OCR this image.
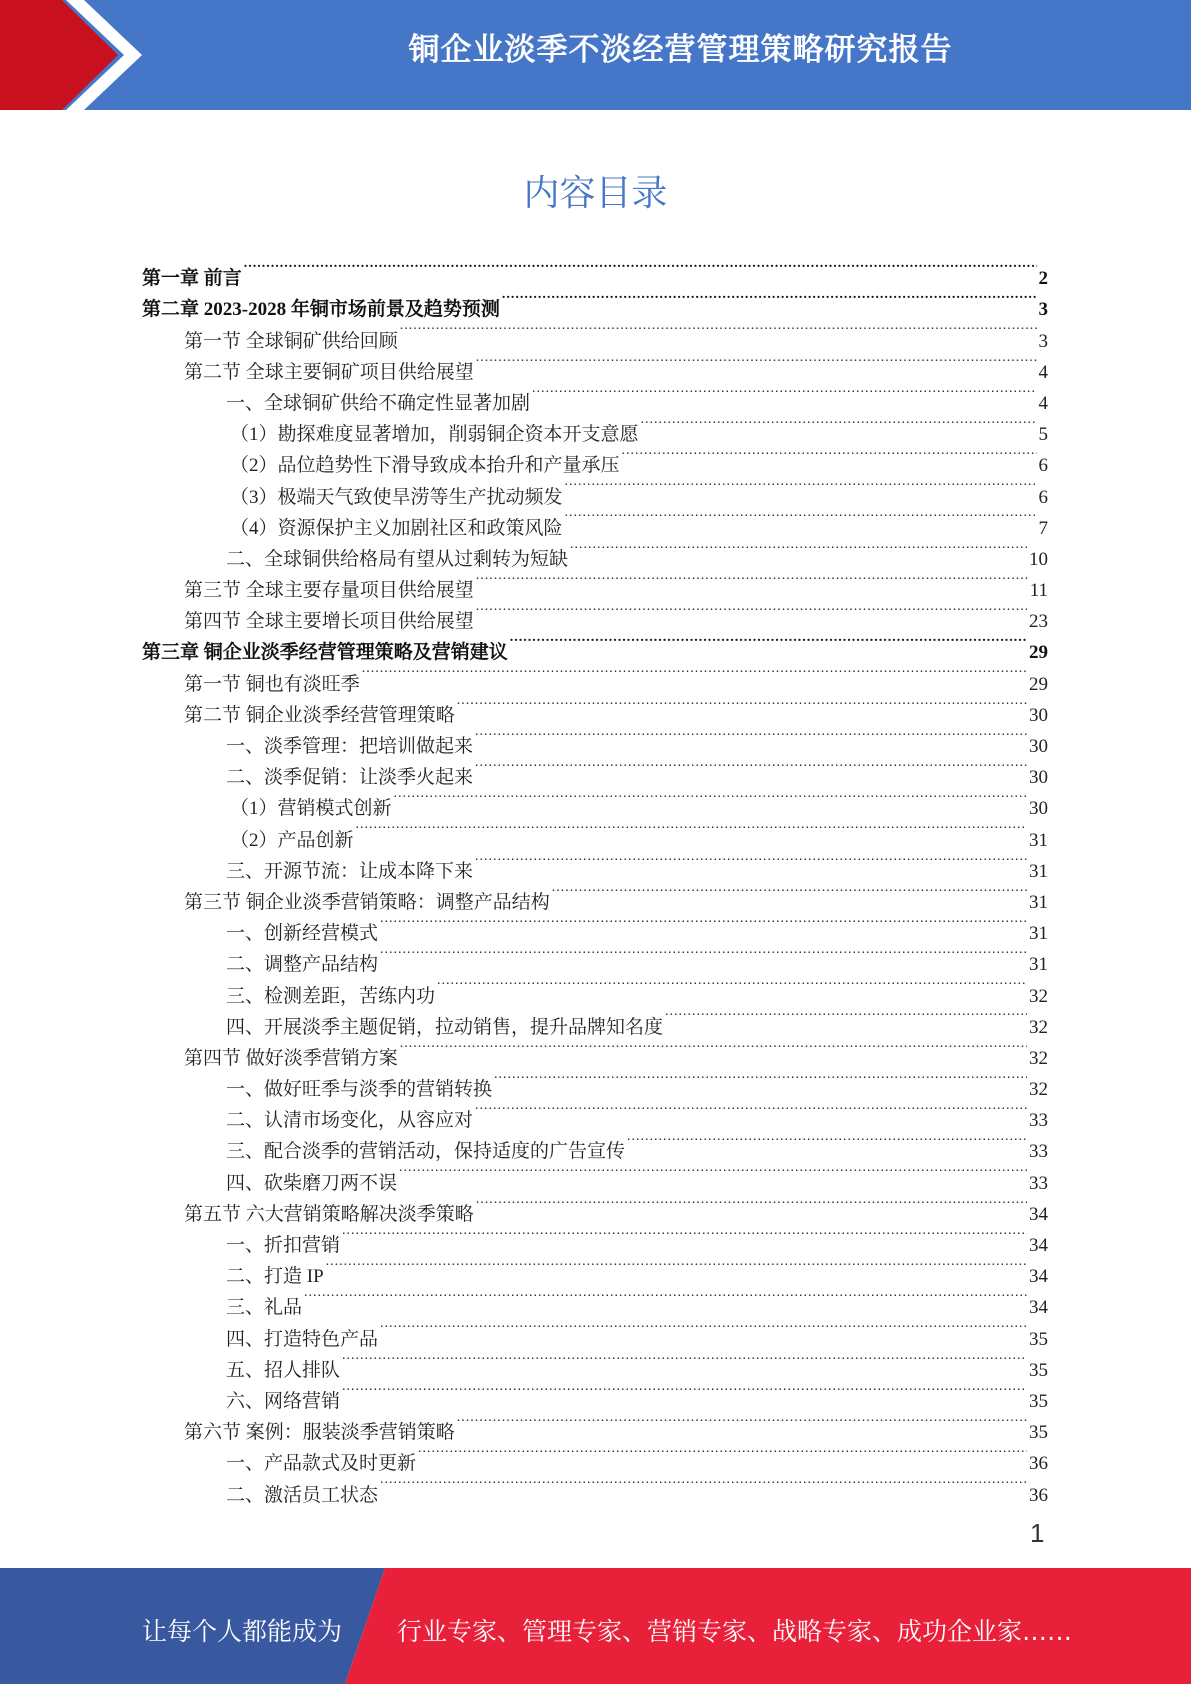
铜企业淡季不淡经营管理策略研究报告
内容目录
第一章 前言 .....	2
第二章 2023-2028 年铜市场前景及趋势预测 .....	3
第一节 全球铜矿供给回顾 .....	3
第二节 全球主要铜矿项目供给展望 .....	4
一、全球铜矿供给不确定性显著加剧 .....	4
（1）勘探难度显著增加，削弱铜企资本开支意愿 .....	5
（2）品位趋势性下滑导致成本抬升和产量承压 .....	6
（3）极端天气致使旱涝等生产扰动频发 .....	6
（4）资源保护主义加剧社区和政策风险 .....	7
二、全球铜供给格局有望从过剩转为短缺 .....	10
第三节 全球主要存量项目供给展望 .....	11
第四节 全球主要增长项目供给展望 .....	23
第三章 铜企业淡季经营管理策略及营销建议 .....	29
第一节 铜也有淡旺季 .....	29
第二节 铜企业淡季经营管理策略 .....	30
一、淡季管理：把培训做起来 .....	30
二、淡季促销：让淡季火起来 .....	30
（1）营销模式创新 .....	30
（2）产品创新 .....	31
三、开源节流：让成本降下来 .....	31
第三节 铜企业淡季营销策略：调整产品结构 .....	31
一、创新经营模式 .....	31
二、调整产品结构 .....	31
三、检测差距，苦练内功 .....	32
四、开展淡季主题促销，拉动销售，提升品牌知名度 .....	32
第四节 做好淡季营销方案 .....	32
一、做好旺季与淡季的营销转换 .....	32
二、认清市场变化，从容应对 .....	33
三、配合淡季的营销活动，保持适度的广告宣传 .....	33
四、砍柴磨刀两不误 .....	33
第五节 六大营销策略解决淡季策略 .....	34
一、折扣营销 .....	34
二、打造 IP .....	34
三、礼品 .....	34
四、打造特色产品 .....	35
五、招人排队 .....	35
六、网络营销 .....	35
第六节 案例：服装淡季营销策略 .....	35
一、产品款式及时更新 .....	36
二、激活员工状态 .....	36
1
让每个人都能成为 行业专家、管理专家、营销专家、战略专家、成功企业家……
